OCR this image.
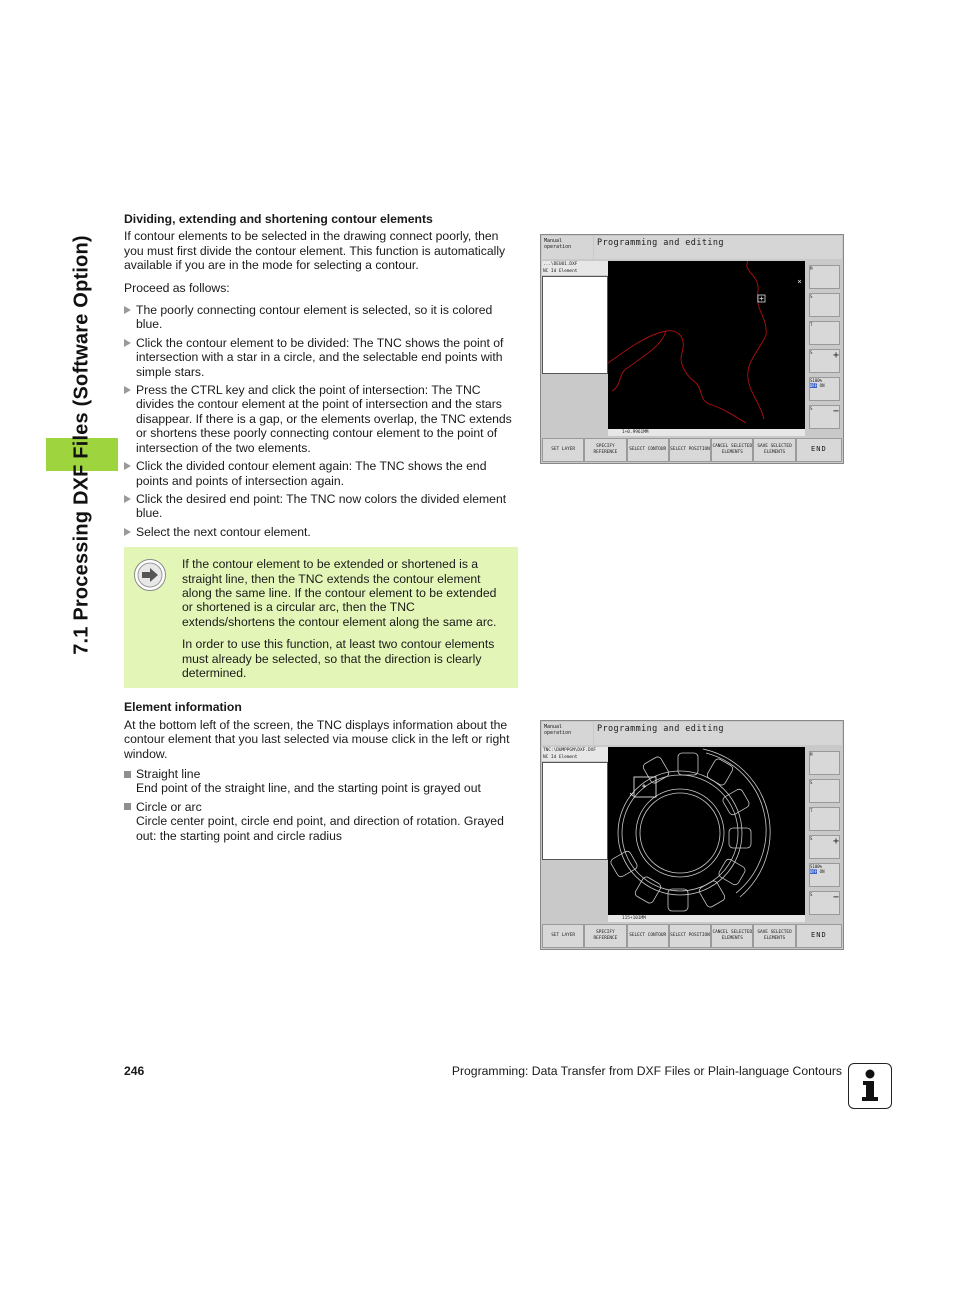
7.1 Processing DXF Files (Software Option)
Dividing, extending and shortening contour elements
If contour elements to be selected in the drawing connect poorly, then you must first divide the contour element. This function is automatically available if you are in the mode for selecting a contour.
Proceed as follows:
The poorly connecting contour element is selected, so it is colored blue.
Click the contour element to be divided: The TNC shows the point of intersection with a star in a circle, and the selectable end points with simple stars.
Press the CTRL key and click the point of intersection: The TNC divides the contour element at the point of intersection and the stars disappear. If there is a gap, or the elements overlap, the TNC extends or shortens these poorly connecting contour element to the point of intersection of the two elements.
Click the divided contour element again: The TNC shows the end points and points of intersection again.
Click the desired end point: The TNC now colors the divided element blue.
Select the next contour element.
If the contour element to be extended or shortened is a straight line, then the TNC extends the contour element along the same line. If the contour element to be extended or shortened is a circular arc, then the TNC extends/shortens the contour element along the same arc.
In order to use this function, at least two contour elements must already be selected, so that the direction is clearly determined.
Element information
At the bottom left of the screen, the TNC displays information about the contour element that you last selected via mouse click in the left or right window.
Straight line
End point of the straight line, and the starting point is grayed out
Circle or arc
Circle center point, circle end point, and direction of rotation. Grayed out: the starting point and circle radius
Manual operation	Programming and editing
...\DEU01.DXF
NC Id Element
1+0.9961MM
M
S
T
S +
S100%
OFF ON
S −
SET LAYER
SPECIFY REFERENCE
SELECT CONTOUR SELECT POSITION
CANCEL SELECTED ELEMENTS
SAVE SELECTED ELEMENTS	END
Manual operation	Programming and editing
TNC:\DUMPPGM\DXF.DXF
NC Id Element
115+101MM
M
S
T
S +
S100%
OFF ON
S −
SET LAYER
SPECIFY REFERENCE
SELECT CONTOUR SELECT POSITION
CANCEL SELECTED ELEMENTS
SAVE SELECTED ELEMENTS	END
246	Programming: Data Transfer from DXF Files or Plain-language Contours
